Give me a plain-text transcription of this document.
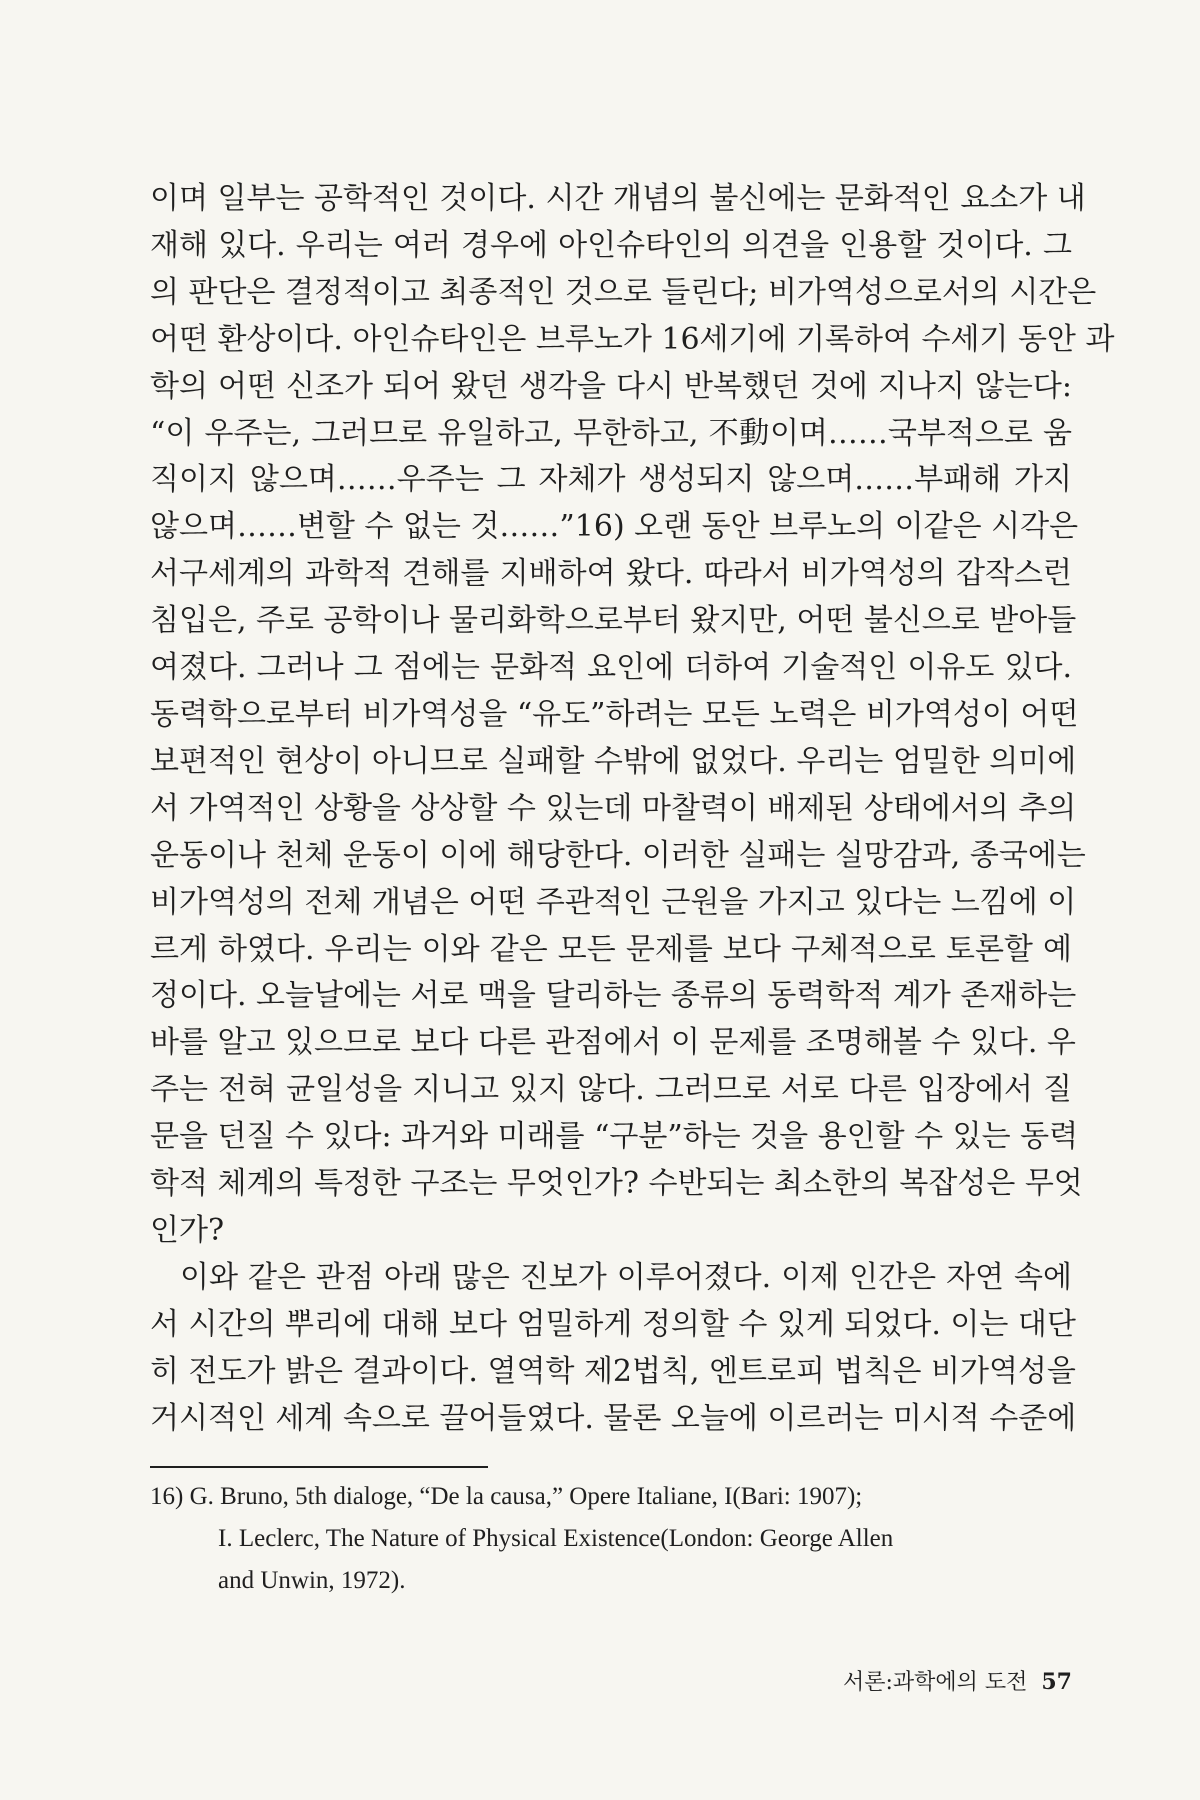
이며 일부는 공학적인 것이다. 시간 개념의 불신에는 문화적인 요소가 내
재해 있다. 우리는 여러 경우에 아인슈타인의 의견을 인용할 것이다. 그
의 판단은 결정적이고 최종적인 것으로 들린다; 비가역성으로서의 시간은
어떤 환상이다. 아인슈타인은 브루노가 16세기에 기록하여 수세기 동안 과
학의 어떤 신조가 되어 왔던 생각을 다시 반복했던 것에 지나지 않는다:
“이 우주는, 그러므로 유일하고, 무한하고, 不動이며……국부적으로 움
직이지 않으며……우주는 그 자체가 생성되지 않으며……부패해 가지
않으며……변할 수 없는 것……”16) 오랜 동안 브루노의 이같은 시각은
서구세계의 과학적 견해를 지배하여 왔다. 따라서 비가역성의 갑작스런
침입은, 주로 공학이나 물리화학으로부터 왔지만, 어떤 불신으로 받아들
여졌다. 그러나 그 점에는 문화적 요인에 더하여 기술적인 이유도 있다.
동력학으로부터 비가역성을 “유도”하려는 모든 노력은 비가역성이 어떤
보편적인 현상이 아니므로 실패할 수밖에 없었다. 우리는 엄밀한 의미에
서 가역적인 상황을 상상할 수 있는데 마찰력이 배제된 상태에서의 추의
운동이나 천체 운동이 이에 해당한다. 이러한 실패는 실망감과, 종국에는
비가역성의 전체 개념은 어떤 주관적인 근원을 가지고 있다는 느낌에 이
르게 하였다. 우리는 이와 같은 모든 문제를 보다 구체적으로 토론할 예
정이다. 오늘날에는 서로 맥을 달리하는 종류의 동력학적 계가 존재하는
바를 알고 있으므로 보다 다른 관점에서 이 문제를 조명해볼 수 있다. 우
주는 전혀 균일성을 지니고 있지 않다. 그러므로 서로 다른 입장에서 질
문을 던질 수 있다: 과거와 미래를 “구분”하는 것을 용인할 수 있는 동력
학적 체계의 특정한 구조는 무엇인가? 수반되는 최소한의 복잡성은 무엇
인가?
이와 같은 관점 아래 많은 진보가 이루어졌다. 이제 인간은 자연 속에
서 시간의 뿌리에 대해 보다 엄밀하게 정의할 수 있게 되었다. 이는 대단
히 전도가 밝은 결과이다. 열역학 제2법칙, 엔트로피 법칙은 비가역성을
거시적인 세계 속으로 끌어들였다. 물론 오늘에 이르러는 미시적 수준에
16) G. Bruno, 5th dialoge, “De la causa,” Opere Italiane, I(Bari: 1907);
I. Leclerc, The Nature of Physical Existence(London: George Allen
and Unwin, 1972).
서론:과학에의 도전 57
